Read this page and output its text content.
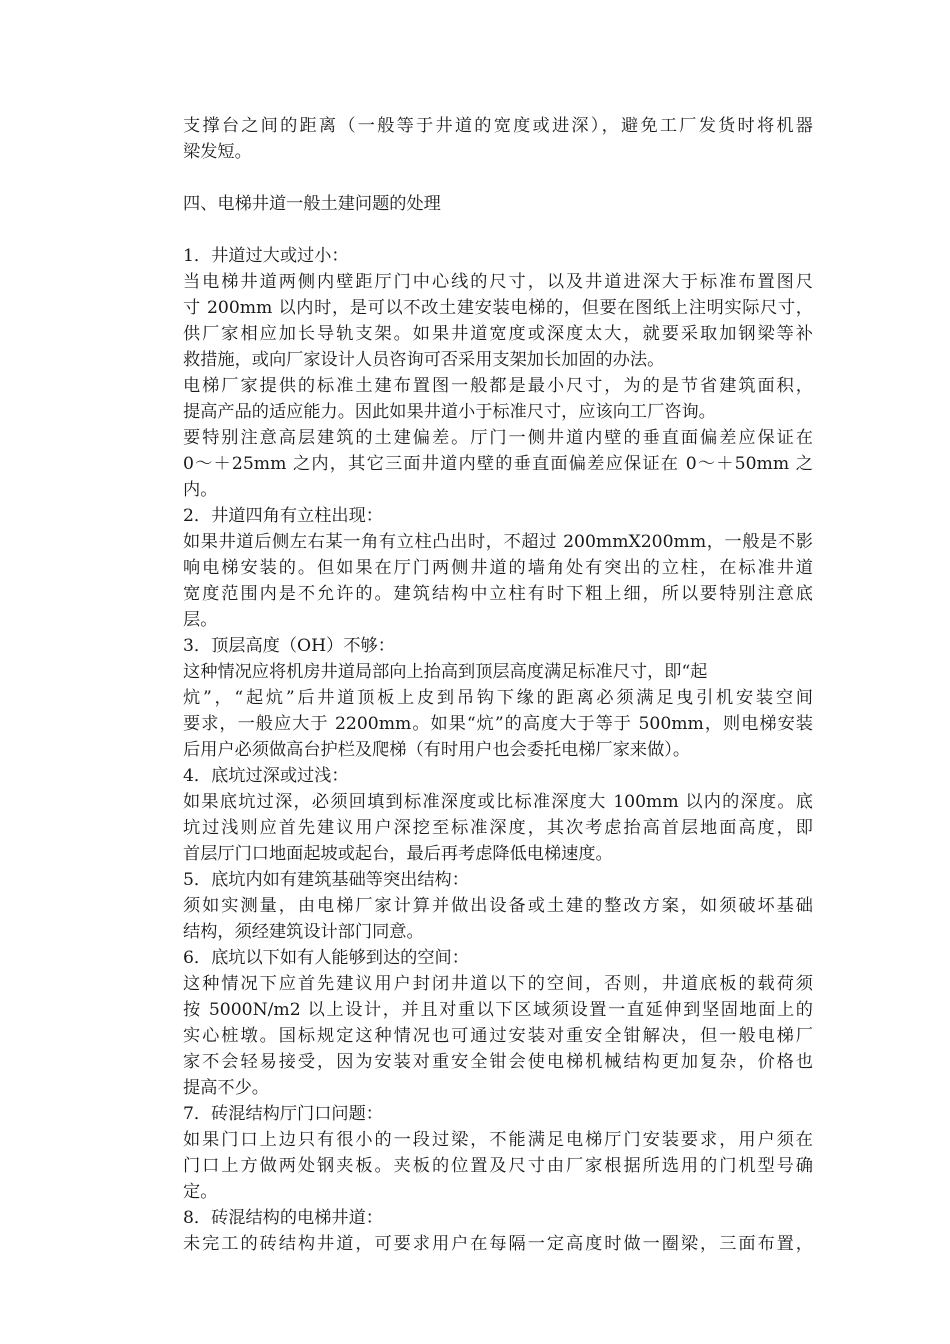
支撑台之间的距离（一般等于井道的宽度或进深），避免工厂发货时将机器
梁发短。
四、电梯井道一般土建问题的处理
1．井道过大或过小：
当电梯井道两侧内壁距厅门中心线的尺寸，以及井道进深大于标准布置图尺
寸 200mm 以内时，是可以不改土建安装电梯的，但要在图纸上注明实际尺寸，
供厂家相应加长导轨支架。如果井道宽度或深度太大，就要采取加钢梁等补
救措施，或向厂家设计人员咨询可否采用支架加长加固的办法。
电梯厂家提供的标准土建布置图一般都是最小尺寸，为的是节省建筑面积，
提高产品的适应能力。因此如果井道小于标准尺寸，应该向工厂咨询。
要特别注意高层建筑的土建偏差。厅门一侧井道内壁的垂直面偏差应保证在
0～＋25mm 之内，其它三面井道内壁的垂直面偏差应保证在 0～＋50mm 之
内。
2．井道四角有立柱出现：
如果井道后侧左右某一角有立柱凸出时，不超过 200mmX200mm，一般是不影
响电梯安装的。但如果在厅门两侧井道的墙角处有突出的立柱，在标准井道
宽度范围内是不允许的。建筑结构中立柱有时下粗上细，所以要特别注意底
层。
3．顶层高度（OH）不够：
这种情况应将机房井道局部向上抬高到顶层高度满足标准尺寸，即“起
炕”，“起炕”后井道顶板上皮到吊钩下缘的距离必须满足曳引机安装空间
要求，一般应大于 2200mm。如果“炕”的高度大于等于 500mm，则电梯安装
后用户必须做高台护栏及爬梯（有时用户也会委托电梯厂家来做）。
4．底坑过深或过浅：
如果底坑过深，必须回填到标准深度或比标准深度大 100mm 以内的深度。底
坑过浅则应首先建议用户深挖至标准深度，其次考虑抬高首层地面高度，即
首层厅门口地面起坡或起台，最后再考虑降低电梯速度。
5．底坑内如有建筑基础等突出结构：
须如实测量，由电梯厂家计算并做出设备或土建的整改方案，如须破坏基础
结构，须经建筑设计部门同意。
6．底坑以下如有人能够到达的空间：
这种情况下应首先建议用户封闭井道以下的空间，否则，井道底板的载荷须
按 5000N/m2 以上设计，并且对重以下区域须设置一直延伸到坚固地面上的
实心桩墩。国标规定这种情况也可通过安装对重安全钳解决，但一般电梯厂
家不会轻易接受，因为安装对重安全钳会使电梯机械结构更加复杂，价格也
提高不少。
7．砖混结构厅门口问题：
如果门口上边只有很小的一段过梁，不能满足电梯厅门安装要求，用户须在
门口上方做两处钢夹板。夹板的位置及尺寸由厂家根据所选用的门机型号确
定。
8．砖混结构的电梯井道：
未完工的砖结构井道，可要求用户在每隔一定高度时做一圈梁，三面布置，
